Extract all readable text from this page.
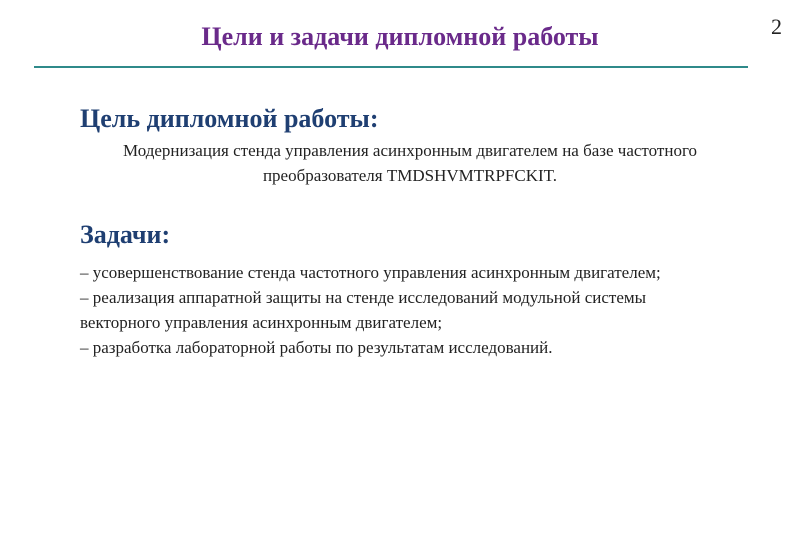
2
Цели и задачи дипломной работы
Цель дипломной работы:
Модернизация стенда управления асинхронным двигателем на базе частотного преобразователя TMDSHVMTRPFCKIT.
Задачи:
– усовершенствование стенда частотного управления асинхронным двигателем;
– реализация аппаратной защиты на стенде исследований модульной системы векторного управления асинхронным двигателем;
– разработка лабораторной работы по результатам исследований.
